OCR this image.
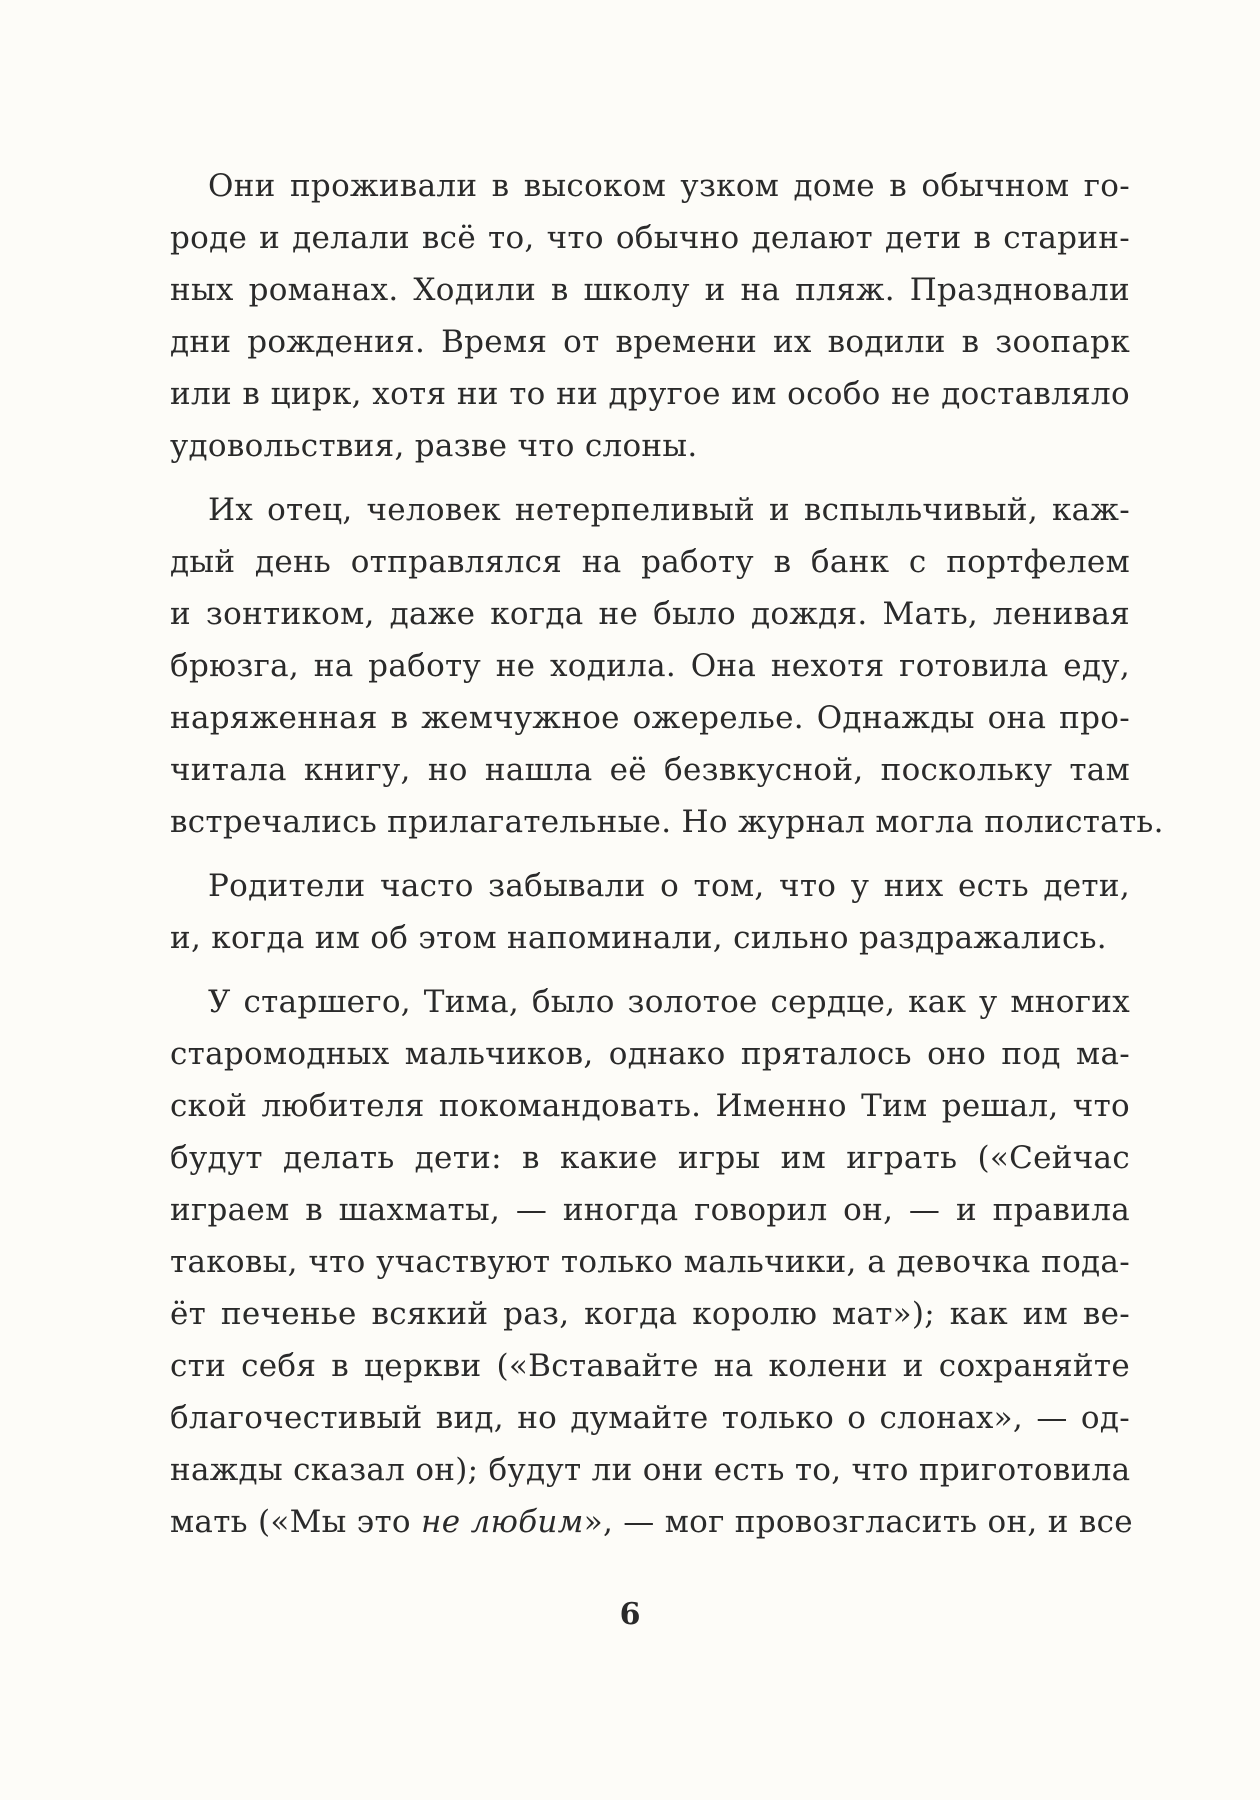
Они проживали в высоком узком доме в обычном го-
роде и делали всё то, что обычно делают дети в старин-
ных романах. Ходили в школу и на пляж. Праздновали
дни рождения. Время от времени их водили в зоопарк
или в цирк, хотя ни то ни другое им особо не доставляло
удовольствия, разве что слоны.
Их отец, человек нетерпеливый и вспыльчивый, каж-
дый день отправлялся на работу в банк с портфелем
и зонтиком, даже когда не было дождя. Мать, ленивая
брюзга, на работу не ходила. Она нехотя готовила еду,
наряженная в жемчужное ожерелье. Однажды она про-
читала книгу, но нашла её безвкусной, поскольку там
встречались прилагательные. Но журнал могла полистать.
Родители часто забывали о том, что у них есть дети,
и, когда им об этом напоминали, сильно раздражались.
У старшего, Тима, было золотое сердце, как у многих
старомодных мальчиков, однако пряталось оно под ма-
ской любителя покомандовать. Именно Тим решал, что
будут делать дети: в какие игры им играть («Сейчас
играем в шахматы, — иногда говорил он, — и правила
таковы, что участвуют только мальчики, а девочка пода-
ёт печенье всякий раз, когда королю мат»); как им ве-
сти себя в церкви («Вставайте на колени и сохраняйте
благочестивый вид, но думайте только о слонах», — од-
нажды сказал он); будут ли они есть то, что приготовила
мать («Мы это не любим», — мог провозгласить он, и все
6
